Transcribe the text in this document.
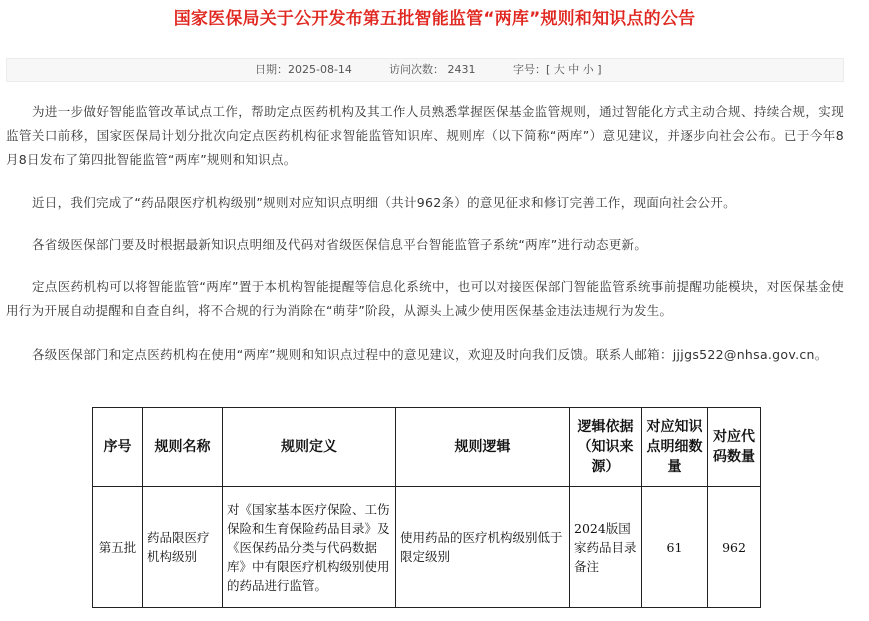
国家医保局关于公开发布第五批智能监管“两库”规则和知识点的公告
日期：2025-08-14	访问次数： 2431	字号：[ 大 中 小 ]

为进一步做好智能监管改革试点工作，帮助定点医药机构及其工作人员熟悉掌握医保基金监管规则，通过智能化方式主动合规、持续合规，实现监管关口前移，国家医保局计划分批次向定点医药机构征求智能监管知识库、规则库（以下简称“两库”）意见建议，并逐步向社会公布。已于今年8月8日发布了第四批智能监管“两库”规则和知识点。

近日，我们完成了“药品限医疗机构级别”规则对应知识点明细（共计962条）的意见征求和修订完善工作，现面向社会公开。

各省级医保部门要及时根据最新知识点明细及代码对省级医保信息平台智能监管子系统“两库”进行动态更新。

定点医药机构可以将智能监管“两库”置于本机构智能提醒等信息化系统中，也可以对接医保部门智能监管系统事前提醒功能模块，对医保基金使用行为开展自动提醒和自查自纠，将不合规的行为消除在“萌芽”阶段，从源头上减少使用医保基金违法违规行为发生。

各级医保部门和定点医药机构在使用“两库”规则和知识点过程中的意见建议，欢迎及时向我们反馈。联系人邮箱：jjjgs522@nhsa.gov.cn。

序号	规则名称	规则定义	规则逻辑	逻辑依据（知识来源）	对应知识点明细数量	对应代码数量
第五批	药品限医疗机构级别	对《国家基本医疗保险、工伤保险和生育保险药品目录》及《医保药品分类与代码数据库》中有限医疗机构级别使用的药品进行监管。	使用药品的医疗机构级别低于限定级别	2024版国家药品目录备注	61	962
